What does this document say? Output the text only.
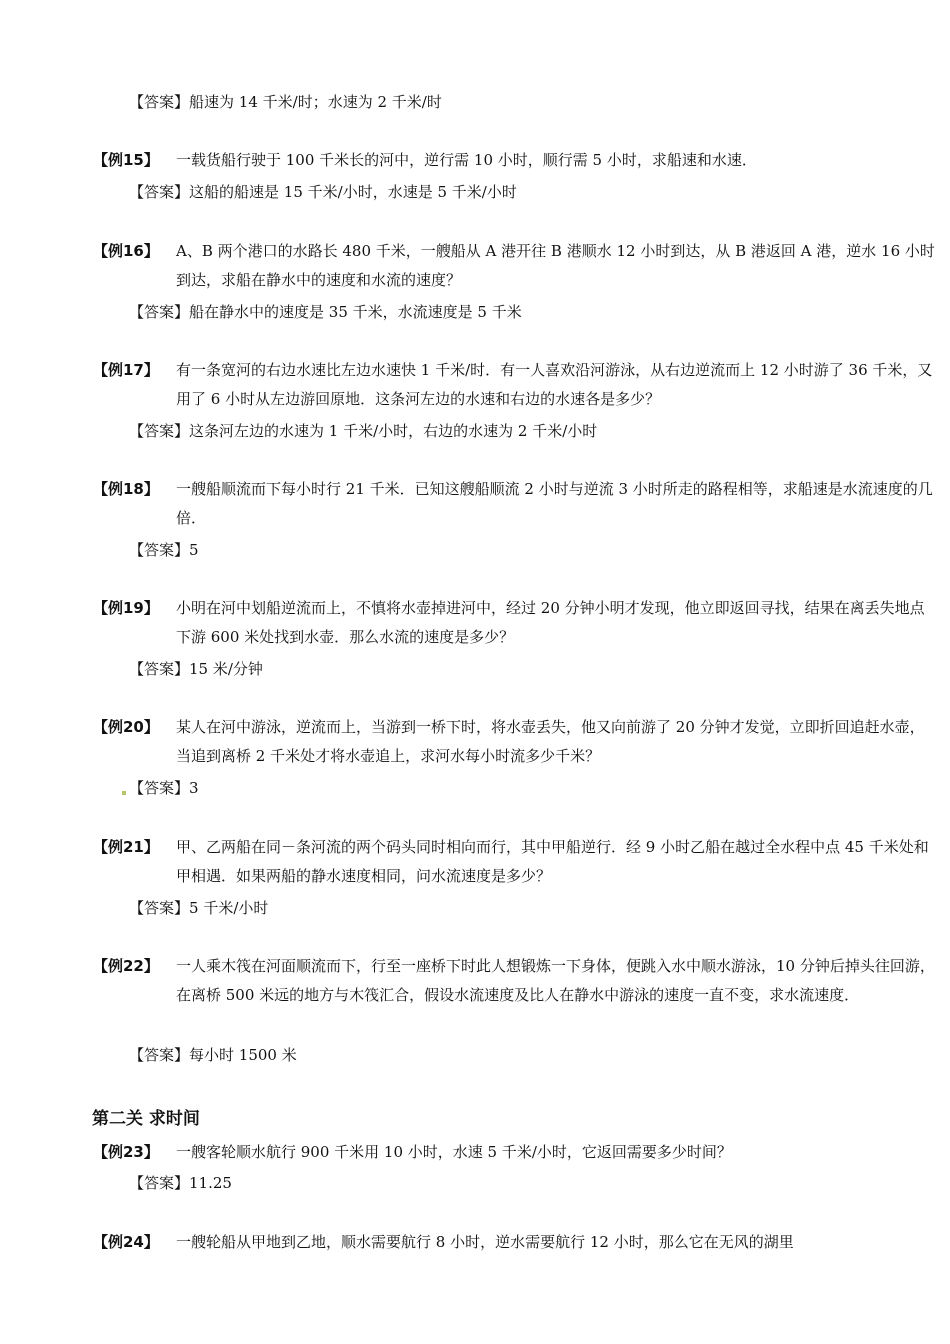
【答案】船速为 14 千米/时；水速为 2 千米/时
【例15】 一载货船行驶于 100 千米长的河中，逆行需 10 小时，顺行需 5 小时，求船速和水速．
【答案】这船的船速是 15 千米/小时，水速是 5 千米/小时
【例16】 A、B 两个港口的水路长 480 千米，一艘船从 A 港开往 B 港顺水 12 小时到达，从 B 港返回 A 港，逆水 16 小时到达，求船在静水中的速度和水流的速度？
【答案】船在静水中的速度是 35 千米，水流速度是 5 千米
【例17】 有一条宽河的右边水速比左边水速快 1 千米/时．有一人喜欢沿河游泳，从右边逆流而上 12 小时游了 36 千米，又用了 6 小时从左边游回原地．这条河左边的水速和右边的水速各是多少？
【答案】这条河左边的水速为 1 千米/小时，右边的水速为 2 千米/小时
【例18】 一艘船顺流而下每小时行 21 千米．已知这艘船顺流 2 小时与逆流 3 小时所走的路程相等，求船速是水流速度的几倍．
【答案】5
【例19】 小明在河中划船逆流而上，不慎将水壶掉进河中，经过 20 分钟小明才发现，他立即返回寻找，结果在离丢失地点下游 600 米处找到水壶．那么水流的速度是多少？
【答案】15 米/分钟
【例20】 某人在河中游泳，逆流而上，当游到一桥下时，将水壶丢失，他又向前游了 20 分钟才发觉，立即折回追赶水壶，当追到离桥 2 千米处才将水壶追上，求河水每小时流多少千米？
【答案】3
【例21】 甲、乙两船在同－条河流的两个码头同时相向而行，其中甲船逆行．经 9 小时乙船在越过全水程中点 45 千米处和甲相遇．如果两船的静水速度相同，问水流速度是多少？
【答案】5 千米/小时
【例22】 一人乘木筏在河面顺流而下，行至一座桥下时此人想锻炼一下身体，便跳入水中顺水游泳，10 分钟后掉头往回游，在离桥 500 米远的地方与木筏汇合，假设水流速度及比人在静水中游泳的速度一直不变，求水流速度．
【答案】每小时 1500 米
第二关 求时间
【例23】 一艘客轮顺水航行 900 千米用 10 小时，水速 5 千米/小时，它返回需要多少时间？
【答案】11.25
【例24】 一艘轮船从甲地到乙地，顺水需要航行 8 小时，逆水需要航行 12 小时，那么它在无风的湖里
